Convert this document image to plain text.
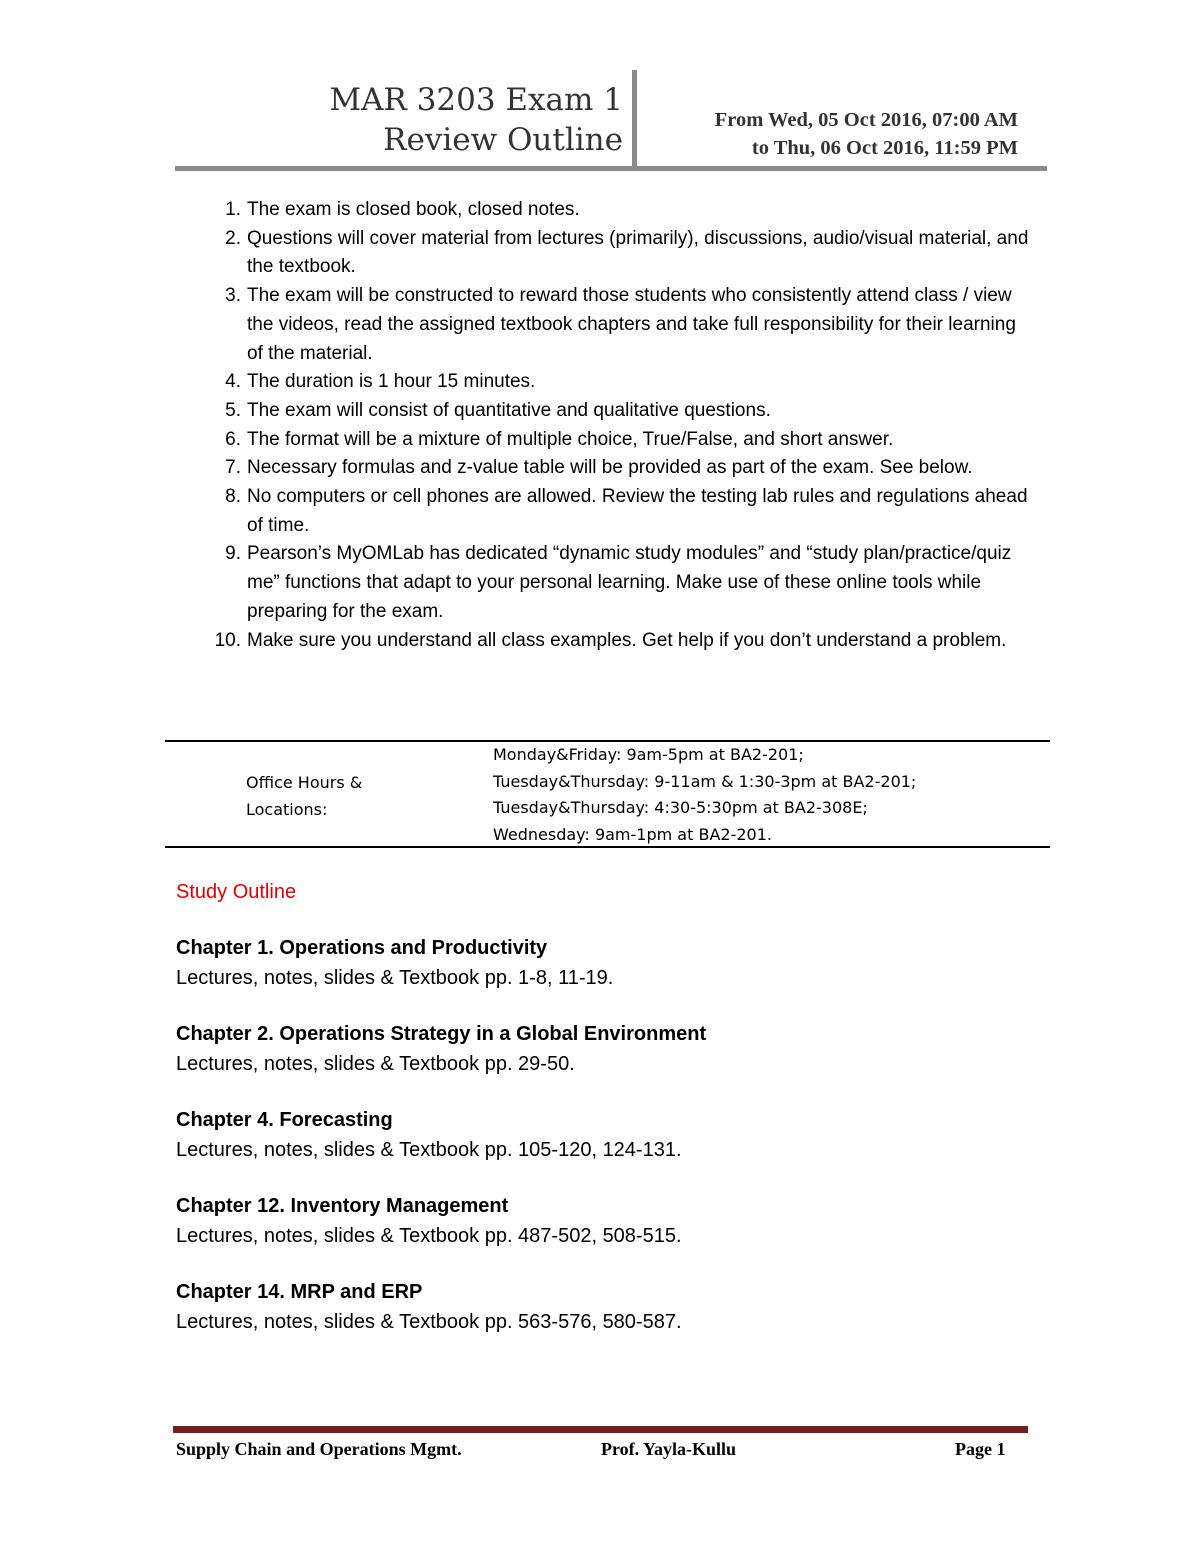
MAR 3203 Exam 1
Review Outline
From Wed, 05 Oct 2016, 07:00 AM
to Thu, 06 Oct 2016, 11:59 PM
1. The exam is closed book, closed notes.
2. Questions will cover material from lectures (primarily), discussions, audio/visual material, and the textbook.
3. The exam will be constructed to reward those students who consistently attend class / view the videos, read the assigned textbook chapters and take full responsibility for their learning of the material.
4. The duration is 1 hour 15 minutes.
5. The exam will consist of quantitative and qualitative questions.
6. The format will be a mixture of multiple choice, True/False, and short answer.
7. Necessary formulas and z-value table will be provided as part of the exam. See below.
8. No computers or cell phones are allowed. Review the testing lab rules and regulations ahead of time.
9. Pearson’s MyOMLab has dedicated “dynamic study modules” and “study plan/practice/quiz me” functions that adapt to your personal learning. Make use of these online tools while preparing for the exam.
10. Make sure you understand all class examples. Get help if you don’t understand a problem.
Office Hours &
Locations:
Monday&Friday: 9am-5pm at BA2-201;
Tuesday&Thursday: 9-11am & 1:30-3pm at BA2-201;
Tuesday&Thursday: 4:30-5:30pm at BA2-308E;
Wednesday: 9am-1pm at BA2-201.
Study Outline
Chapter 1. Operations and Productivity
Lectures, notes, slides & Textbook pp. 1-8, 11-19.
Chapter 2. Operations Strategy in a Global Environment
Lectures, notes, slides & Textbook pp. 29-50.
Chapter 4. Forecasting
Lectures, notes, slides & Textbook pp. 105-120, 124-131.
Chapter 12. Inventory Management
Lectures, notes, slides & Textbook pp. 487-502, 508-515.
Chapter 14. MRP and ERP
Lectures, notes, slides & Textbook pp. 563-576, 580-587.
Supply Chain and Operations Mgmt.	Prof. Yayla-Kullu	Page 1
